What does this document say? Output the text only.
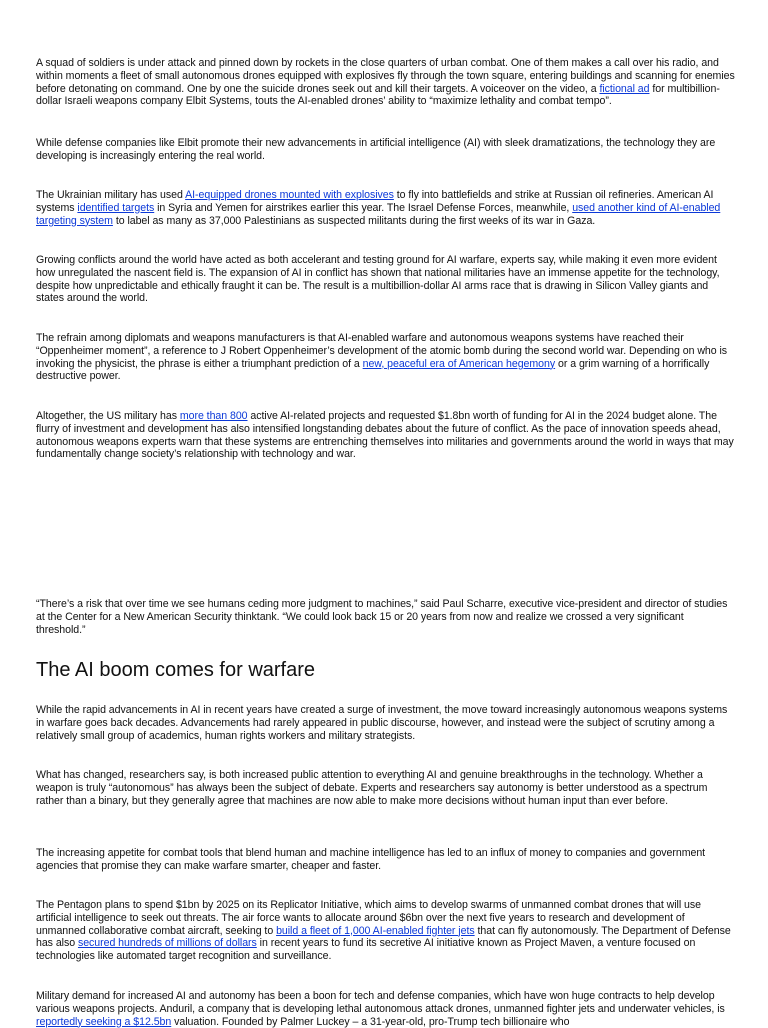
A squad of soldiers is under attack and pinned down by rockets in the close quarters of urban combat. One of them makes a call over his radio, and within moments a fleet of small autonomous drones equipped with explosives fly through the town square, entering buildings and scanning for enemies before detonating on command. One by one the suicide drones seek out and kill their targets. A voiceover on the video, a fictional ad for multibillion-dollar Israeli weapons company Elbit Systems, touts the AI-enabled drones’ ability to “maximize lethality and combat tempo”.

While defense companies like Elbit promote their new advancements in artificial intelligence (AI) with sleek dramatizations, the technology they are developing is increasingly entering the real world.

The Ukrainian military has used AI-equipped drones mounted with explosives to fly into battlefields and strike at Russian oil refineries. American AI systems identified targets in Syria and Yemen for airstrikes earlier this year. The Israel Defense Forces, meanwhile, used another kind of AI-enabled targeting system to label as many as 37,000 Palestinians as suspected militants during the first weeks of its war in Gaza.

Growing conflicts around the world have acted as both accelerant and testing ground for AI warfare, experts say, while making it even more evident how unregulated the nascent field is. The expansion of AI in conflict has shown that national militaries have an immense appetite for the technology, despite how unpredictable and ethically fraught it can be. The result is a multibillion-dollar AI arms race that is drawing in Silicon Valley giants and states around the world.

The refrain among diplomats and weapons manufacturers is that AI-enabled warfare and autonomous weapons systems have reached their “Oppenheimer moment”, a reference to J Robert Oppenheimer’s development of the atomic bomb during the second world war. Depending on who is invoking the physicist, the phrase is either a triumphant prediction of a new, peaceful era of American hegemony or a grim warning of a horrifically destructive power.

Altogether, the US military has more than 800 active AI-related projects and requested $1.8bn worth of funding for AI in the 2024 budget alone. The flurry of investment and development has also intensified longstanding debates about the future of conflict. As the pace of innovation speeds ahead, autonomous weapons experts warn that these systems are entrenching themselves into militaries and governments around the world in ways that may fundamentally change society’s relationship with technology and war.

“There’s a risk that over time we see humans ceding more judgment to machines,” said Paul Scharre, executive vice-president and director of studies at the Center for a New American Security thinktank. “We could look back 15 or 20 years from now and realize we crossed a very significant threshold.”

The AI boom comes for warfare

While the rapid advancements in AI in recent years have created a surge of investment, the move toward increasingly autonomous weapons systems in warfare goes back decades. Advancements had rarely appeared in public discourse, however, and instead were the subject of scrutiny among a relatively small group of academics, human rights workers and military strategists.

What has changed, researchers say, is both increased public attention to everything AI and genuine breakthroughs in the technology. Whether a weapon is truly “autonomous” has always been the subject of debate. Experts and researchers say autonomy is better understood as a spectrum rather than a binary, but they generally agree that machines are now able to make more decisions without human input than ever before.

The increasing appetite for combat tools that blend human and machine intelligence has led to an influx of money to companies and government agencies that promise they can make warfare smarter, cheaper and faster.

The Pentagon plans to spend $1bn by 2025 on its Replicator Initiative, which aims to develop swarms of unmanned combat drones that will use artificial intelligence to seek out threats. The air force wants to allocate around $6bn over the next five years to research and development of unmanned collaborative combat aircraft, seeking to build a fleet of 1,000 AI-enabled fighter jets that can fly autonomously. The Department of Defense has also secured hundreds of millions of dollars in recent years to fund its secretive AI initiative known as Project Maven, a venture focused on technologies like automated target recognition and surveillance.

Military demand for increased AI and autonomy has been a boon for tech and defense companies, which have won huge contracts to help develop various weapons projects. Anduril, a company that is developing lethal autonomous attack drones, unmanned fighter jets and underwater vehicles, is reportedly seeking a $12.5bn valuation. Founded by Palmer Luckey – a 31-year-old, pro-Trump tech billionaire who
